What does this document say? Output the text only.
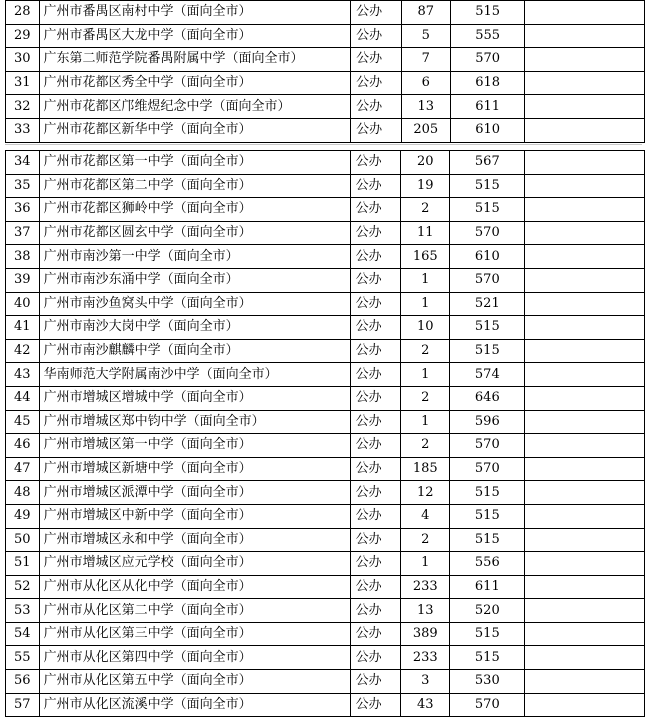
28	广州市番禺区南村中学（面向全市）	公办	87	515	
29	广州市番禺区大龙中学（面向全市）	公办	5	555	
30	广东第二师范学院番禺附属中学（面向全市）	公办	7	570	
31	广州市花都区秀全中学（面向全市）	公办	6	618	
32	广州市花都区邝维煜纪念中学（面向全市）	公办	13	611	
33	广州市花都区新华中学（面向全市）	公办	205	610	
34	广州市花都区第一中学（面向全市）	公办	20	567	
35	广州市花都区第二中学（面向全市）	公办	19	515	
36	广州市花都区狮岭中学（面向全市）	公办	2	515	
37	广州市花都区圆玄中学（面向全市）	公办	11	570	
38	广州市南沙第一中学（面向全市）	公办	165	610	
39	广州市南沙东涌中学（面向全市）	公办	1	570	
40	广州市南沙鱼窝头中学（面向全市）	公办	1	521	
41	广州市南沙大岗中学（面向全市）	公办	10	515	
42	广州市南沙麒麟中学（面向全市）	公办	2	515	
43	华南师范大学附属南沙中学（面向全市）	公办	1	574	
44	广州市增城区增城中学（面向全市）	公办	2	646	
45	广州市增城区郑中钧中学（面向全市）	公办	1	596	
46	广州市增城区第一中学（面向全市）	公办	2	570	
47	广州市增城区新塘中学（面向全市）	公办	185	570	
48	广州市增城区派潭中学（面向全市）	公办	12	515	
49	广州市增城区中新中学（面向全市）	公办	4	515	
50	广州市增城区永和中学（面向全市）	公办	2	515	
51	广州市增城区应元学校（面向全市）	公办	1	556	
52	广州市从化区从化中学（面向全市）	公办	233	611	
53	广州市从化区第二中学（面向全市）	公办	13	520	
54	广州市从化区第三中学（面向全市）	公办	389	515	
55	广州市从化区第四中学（面向全市）	公办	233	515	
56	广州市从化区第五中学（面向全市）	公办	3	530	
57	广州市从化区流溪中学（面向全市）	公办	43	570	
